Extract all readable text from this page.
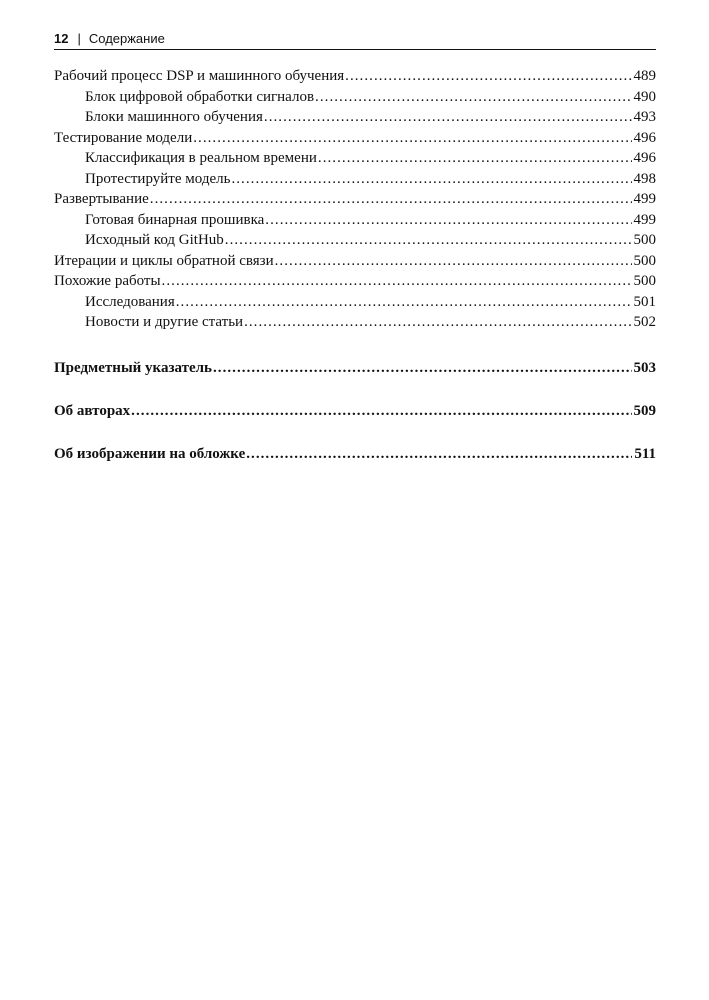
12 | Содержание
Рабочий процесс DSP и машинного обучения . . .	489
Блок цифровой обработки сигналов . . .	490
Блоки машинного обучения . . .	493
Тестирование модели . . .	496
Классификация в реальном времени . . .	496
Протестируйте модель . . .	498
Развертывание . . .	499
Готовая бинарная прошивка . . .	499
Исходный код GitHub . . .	500
Итерации и циклы обратной связи . . .	500
Похожие работы . . .	500
Исследования . . .	501
Новости и другие статьи . . .	502
Предметный указатель . . .	503
Об авторах . . .	509
Об изображении на обложке . . .	511
